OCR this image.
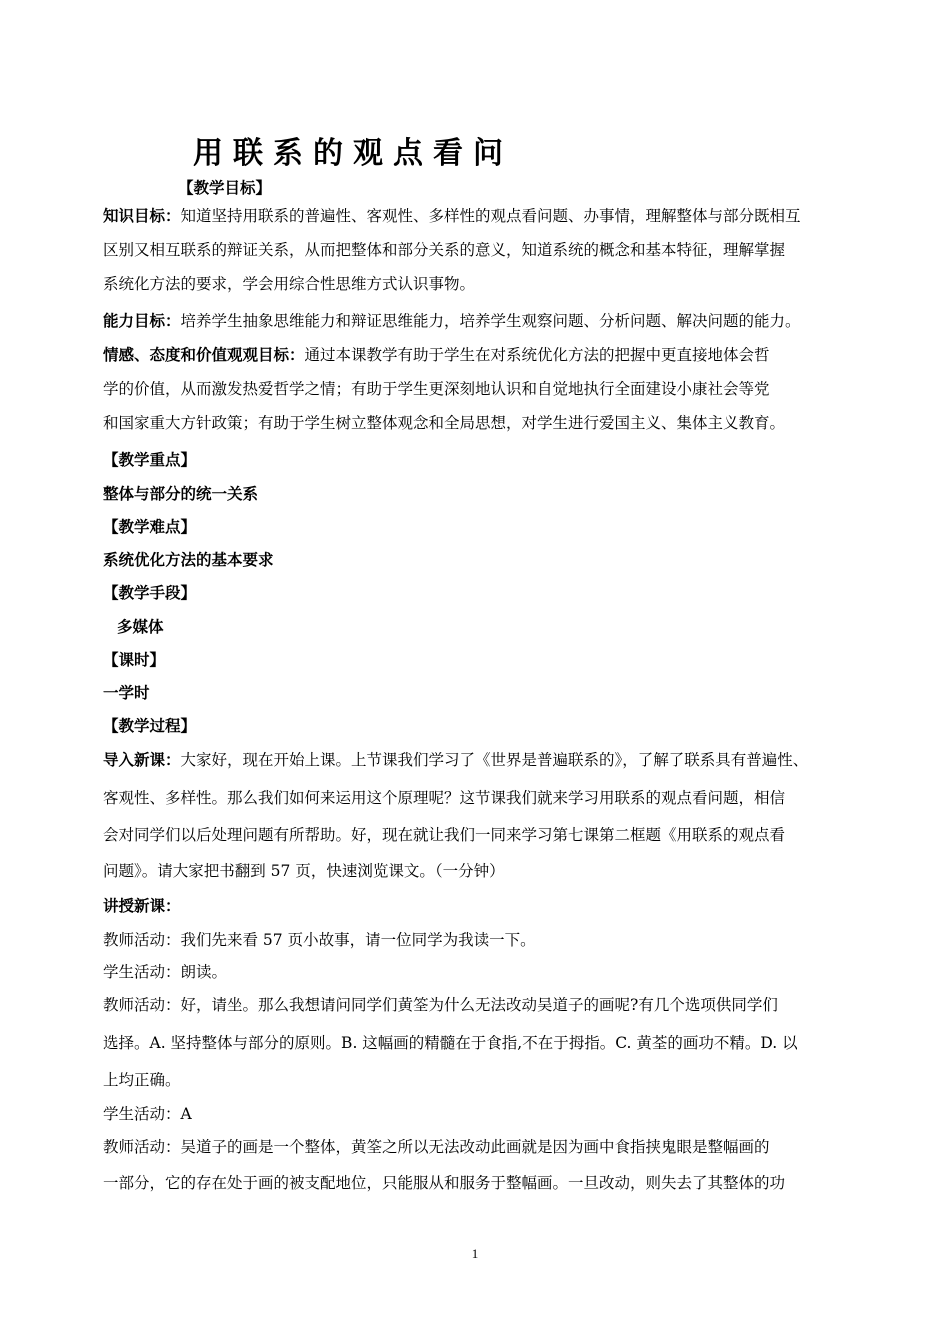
用联系的观点看问
【教学目标】
知识目标：知道坚持用联系的普遍性、客观性、多样性的观点看问题、办事情，理解整体与部分既相互
区别又相互联系的辩证关系，从而把整体和部分关系的意义，知道系统的概念和基本特征，理解掌握
系统化方法的要求，学会用综合性思维方式认识事物。
能力目标：培养学生抽象思维能力和辩证思维能力，培养学生观察问题、分析问题、解决问题的能力。
情感、态度和价值观观目标：通过本课教学有助于学生在对系统优化方法的把握中更直接地体会哲
学的价值，从而激发热爱哲学之情；有助于学生更深刻地认识和自觉地执行全面建设小康社会等党
和国家重大方针政策；有助于学生树立整体观念和全局思想，对学生进行爱国主义、集体主义教育。
【教学重点】
整体与部分的统一关系
【教学难点】
系统优化方法的基本要求
【教学手段】
多媒体
【课时】
一学时
【教学过程】
导入新课：大家好，现在开始上课。上节课我们学习了《世界是普遍联系的》，了解了联系具有普遍性、
客观性、多样性。那么我们如何来运用这个原理呢？这节课我们就来学习用联系的观点看问题，相信
会对同学们以后处理问题有所帮助。好，现在就让我们一同来学习第七课第二框题《用联系的观点看
问题》。请大家把书翻到 57 页，快速浏览课文。（一分钟）
讲授新课：
教师活动：我们先来看 57 页小故事，请一位同学为我读一下。
学生活动：朗读。
教师活动：好，请坐。那么我想请问同学们黄筌为什么无法改动吴道子的画呢?有几个选项供同学们
选择。A. 坚持整体与部分的原则。B. 这幅画的精髓在于食指,不在于拇指。C. 黄荃的画功不精。D. 以
上均正确。
学生活动：A
教师活动：吴道子的画是一个整体，黄筌之所以无法改动此画就是因为画中食指挟鬼眼是整幅画的
一部分，它的存在处于画的被支配地位，只能服从和服务于整幅画。一旦改动，则失去了其整体的功
1
